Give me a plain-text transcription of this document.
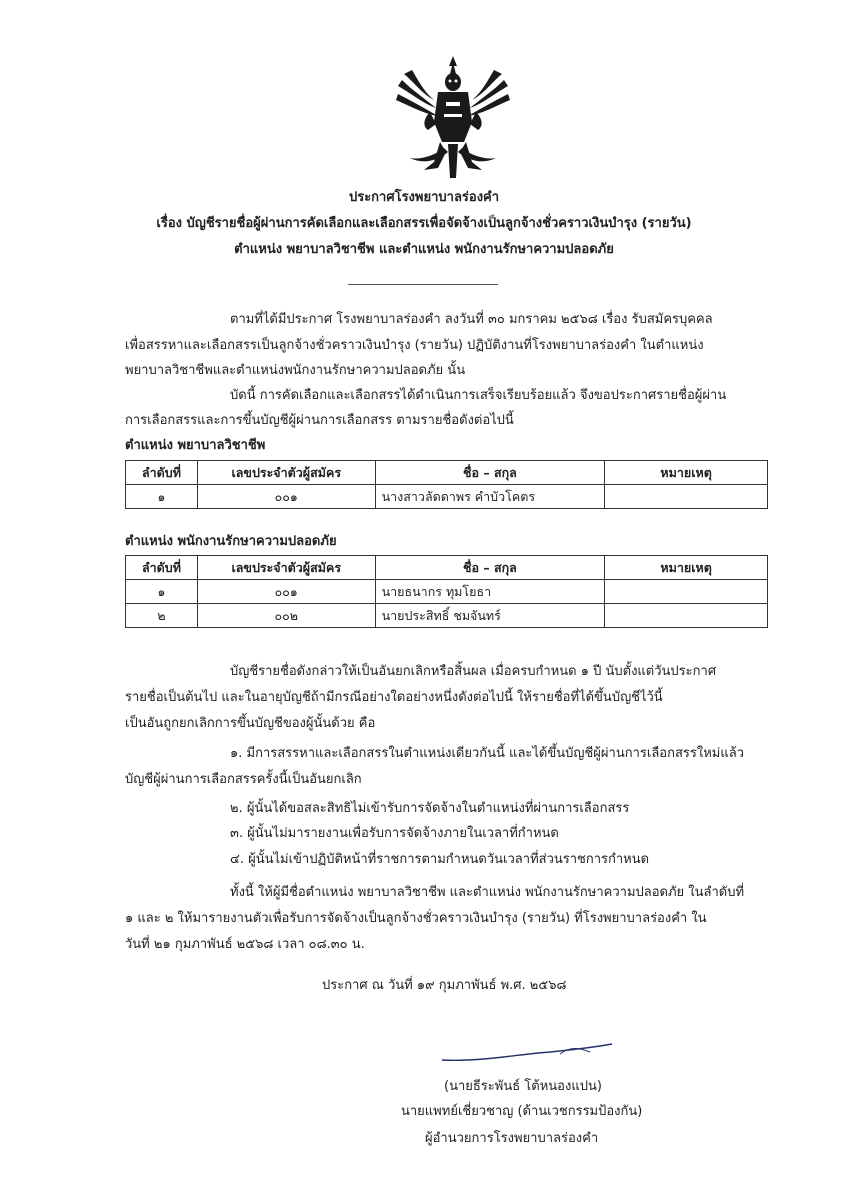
ประกาศโรงพยาบาลร่องคำ
เรื่อง บัญชีรายชื่อผู้ผ่านการคัดเลือกและเลือกสรรเพื่อจัดจ้างเป็นลูกจ้างชั่วคราวเงินบำรุง (รายวัน)
ตำแหน่ง พยาบาลวิชาชีพ และตำแหน่ง พนักงานรักษาความปลอดภัย
ตามที่ได้มีประกาศ โรงพยาบาลร่องคำ ลงวันที่ ๓๐ มกราคม ๒๕๖๘ เรื่อง รับสมัครบุคคล
เพื่อสรรหาและเลือกสรรเป็นลูกจ้างชั่วคราวเงินบำรุง (รายวัน) ปฏิบัติงานที่โรงพยาบาลร่องคำ ในตำแหน่ง
พยาบาลวิชาชีพและตำแหน่งพนักงานรักษาความปลอดภัย นั้น
บัดนี้ การคัดเลือกและเลือกสรรได้ดำเนินการเสร็จเรียบร้อยแล้ว จึงขอประกาศรายชื่อผู้ผ่าน
การเลือกสรรและการขึ้นบัญชีผู้ผ่านการเลือกสรร ตามรายชื่อดังต่อไปนี้
ตำแหน่ง พยาบาลวิชาชีพ
ลำดับที่	เลขประจำตัวผู้สมัคร	ชื่อ – สกุล	หมายเหตุ
๑	๐๐๑	นางสาวลัดดาพร คำบัวโคตร	
ตำแหน่ง พนักงานรักษาความปลอดภัย
ลำดับที่	เลขประจำตัวผู้สมัคร	ชื่อ – สกุล	หมายเหตุ
๑	๐๐๑	นายธนากร ทุมโยธา	
๒	๐๐๒	นายประสิทธิ์ ชมจันทร์	
บัญชีรายชื่อดังกล่าวให้เป็นอันยกเลิกหรือสิ้นผล เมื่อครบกำหนด ๑ ปี นับตั้งแต่วันประกาศ
รายชื่อเป็นต้นไป และในอายุบัญชีถ้ามีกรณีอย่างใดอย่างหนึ่งดังต่อไปนี้ ให้รายชื่อที่ได้ขึ้นบัญชีไว้นี้
เป็นอันถูกยกเลิกการขึ้นบัญชีของผู้นั้นด้วย คือ
๑. มีการสรรหาและเลือกสรรในตำแหน่งเดียวกันนี้ และได้ขึ้นบัญชีผู้ผ่านการเลือกสรรใหม่แล้ว
บัญชีผู้ผ่านการเลือกสรรครั้งนี้เป็นอันยกเลิก
๒. ผู้นั้นได้ขอสละสิทธิไม่เข้ารับการจัดจ้างในตำแหน่งที่ผ่านการเลือกสรร
๓. ผู้นั้นไม่มารายงานเพื่อรับการจัดจ้างภายในเวลาที่กำหนด
๔. ผู้นั้นไม่เข้าปฏิบัติหน้าที่ราชการตามกำหนดวันเวลาที่ส่วนราชการกำหนด
ทั้งนี้ ให้ผู้มีชื่อตำแหน่ง พยาบาลวิชาชีพ และตำแหน่ง พนักงานรักษาความปลอดภัย ในลำดับที่
๑ และ ๒ ให้มารายงานตัวเพื่อรับการจัดจ้างเป็นลูกจ้างชั่วคราวเงินบำรุง (รายวัน) ที่โรงพยาบาลร่องคำ ใน
วันที่ ๒๑ กุมภาพันธ์ ๒๕๖๘ เวลา ๐๘.๓๐ น.
ประกาศ ณ วันที่ ๑๙ กุมภาพันธ์ พ.ศ. ๒๕๖๘
(นายธีระพันธ์ โต้หนองแปน)
นายแพทย์เชี่ยวชาญ (ด้านเวชกรรมป้องกัน)
ผู้อำนวยการโรงพยาบาลร่องคำ
